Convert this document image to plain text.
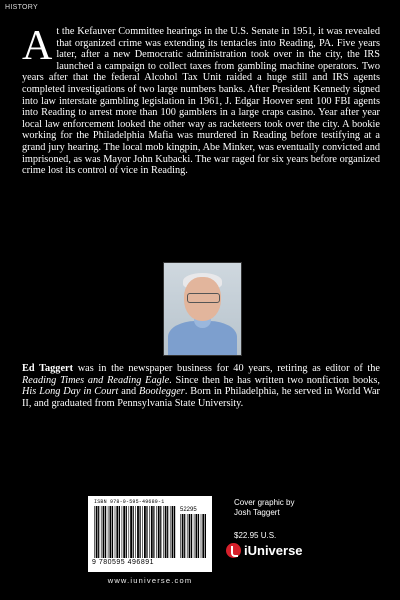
HISTORY

At the Kefauver Committee hearings in the U.S. Senate in 1951, it was revealed that organized crime was extending its tentacles into Reading, PA. Five years later, after a new Democratic administration took over in the city, the IRS launched a campaign to collect taxes from gambling machine operators. Two years after that the federal Alcohol Tax Unit raided a huge still and IRS agents completed investigations of two large numbers banks. After President Kennedy signed into law interstate gambling legislation in 1961, J. Edgar Hoover sent 100 FBI agents into Reading to arrest more than 100 gamblers in a large craps casino. Year after year local law enforcement looked the other way as racketeers took over the city. A bookie working for the Philadelphia Mafia was murdered in Reading before testifying at a grand jury hearing. The local mob kingpin, Abe Minker, was eventually convicted and imprisoned, as was Mayor John Kubacki. The war raged for six years before organized crime lost its control of vice in Reading.

Ed Taggert was in the newspaper business for 40 years, retiring as editor of the Reading Times and Reading Eagle. Since then he has written two nonfiction books, His Long Day in Court and Bootlegger. Born in Philadelphia, he served in World War II, and graduated from Pennsylvania State University.

ISBN 978-0-595-49689-1
52295
9 780595 496891
www.iuniverse.com
Cover graphic by
Josh Taggert
$22.95 U.S.
iUniverse
